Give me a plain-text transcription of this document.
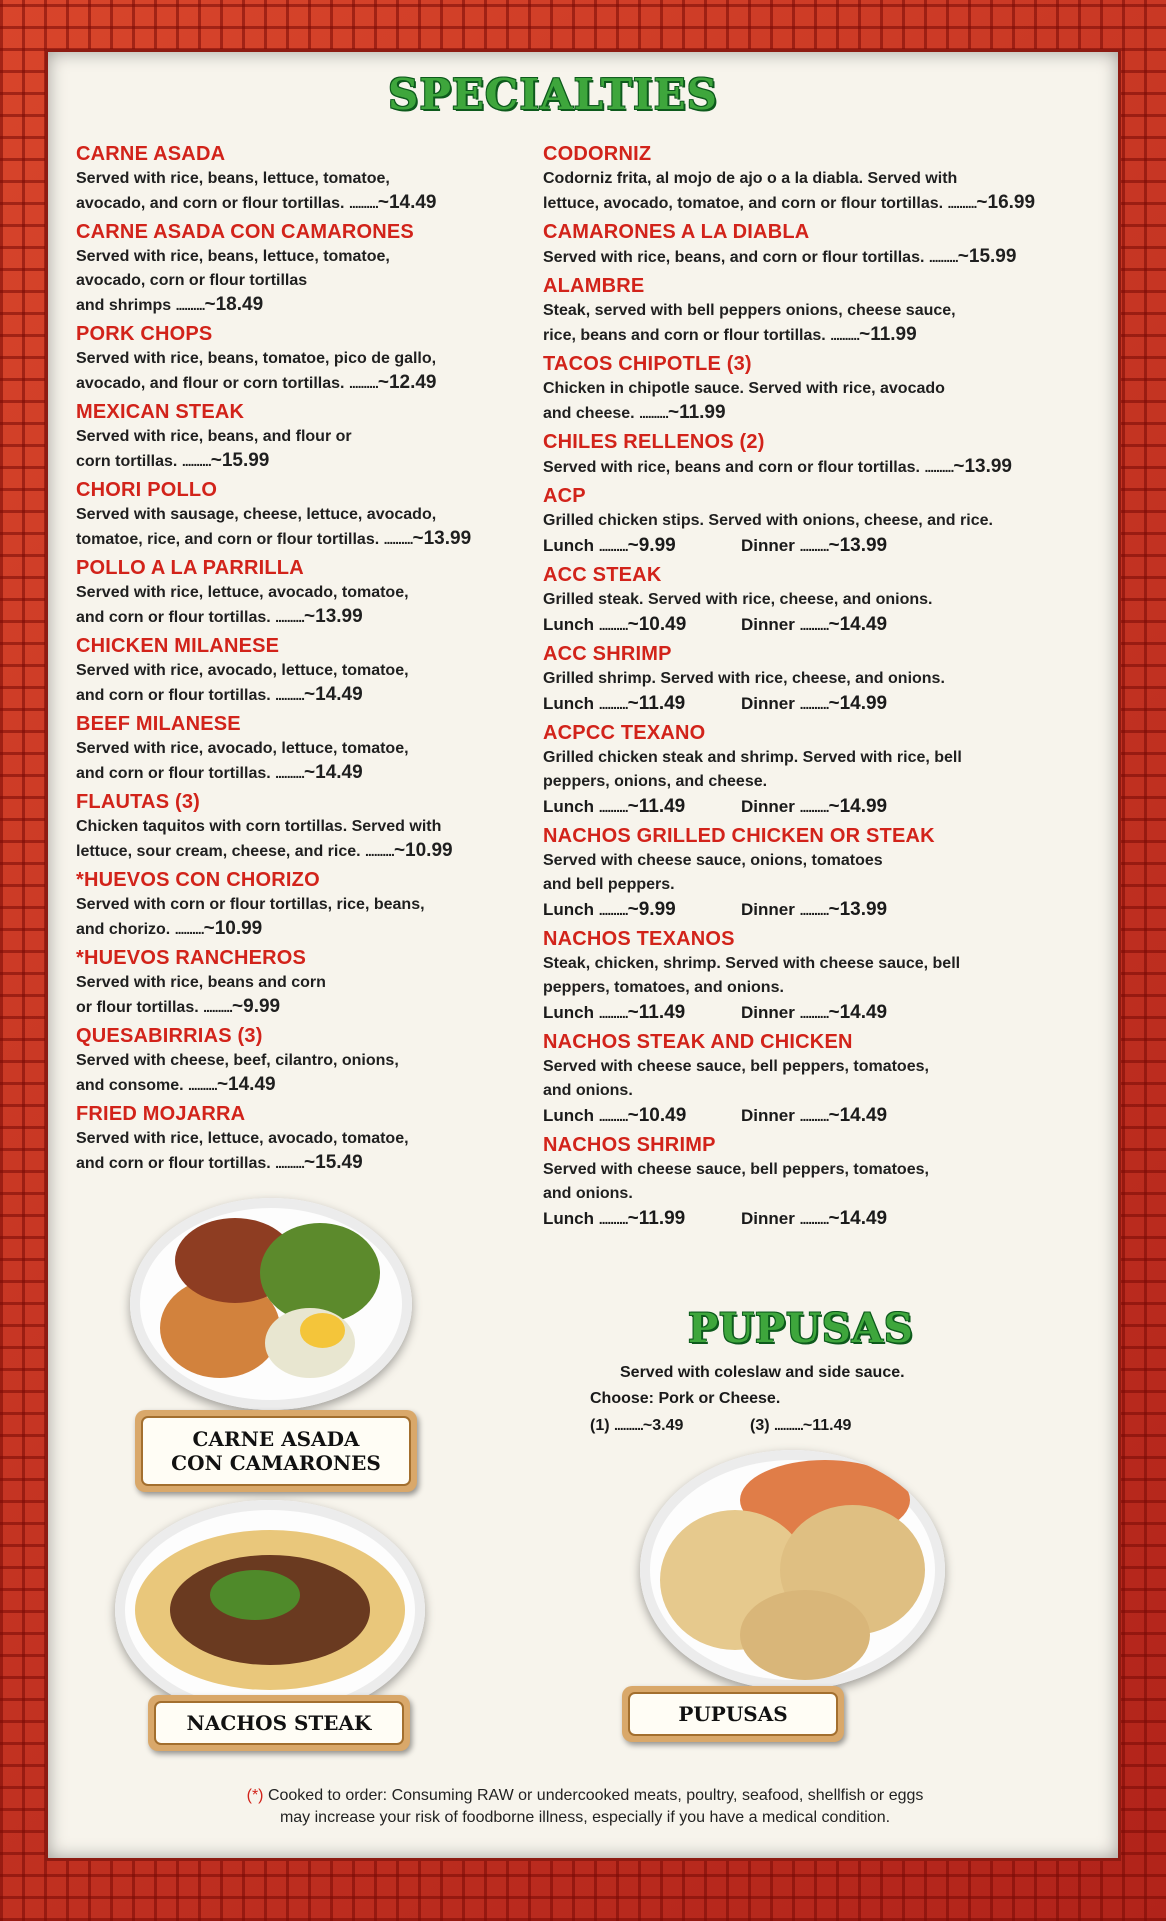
SPECIALTIES
CARNE ASADA
Served with rice, beans, lettuce, tomatoe,
avocado, and corn or flour tortillas. ..........~14.49
CARNE ASADA CON CAMARONES
Served with rice, beans, lettuce, tomatoe,
avocado, corn or flour tortillas
and shrimps ..........~18.49
PORK CHOPS
Served with rice, beans, tomatoe, pico de gallo,
avocado, and flour or corn tortillas. ..........~12.49
MEXICAN STEAK
Served with rice, beans, and flour or
corn tortillas. ..........~15.99
CHORI POLLO
Served with sausage, cheese, lettuce, avocado,
tomatoe, rice, and corn or flour tortillas. ..........~13.99
POLLO A LA PARRILLA
Served with rice, lettuce, avocado, tomatoe,
and corn or flour tortillas. ..........~13.99
CHICKEN MILANESE
Served with rice, avocado, lettuce, tomatoe,
and corn or flour tortillas. ..........~14.49
BEEF MILANESE
Served with rice, avocado, lettuce, tomatoe,
and corn or flour tortillas. ..........~14.49
FLAUTAS (3)
Chicken taquitos with corn tortillas. Served with
lettuce, sour cream, cheese, and rice. ..........~10.99
*HUEVOS CON CHORIZO
Served with corn or flour tortillas, rice, beans,
and chorizo. ..........~10.99
*HUEVOS RANCHEROS
Served with rice, beans and corn
or flour tortillas. ..........~9.99
QUESABIRRIAS (3)
Served with cheese, beef, cilantro, onions,
and consome. ..........~14.49
FRIED MOJARRA
Served with rice, lettuce, avocado, tomatoe,
and corn or flour tortillas. ..........~15.49
CODORNIZ
Codorniz frita, al mojo de ajo o a la diabla. Served with
lettuce, avocado, tomatoe, and corn or flour tortillas. ..........~16.99
CAMARONES A LA DIABLA
Served with rice, beans, and corn or flour tortillas. ..........~15.99
ALAMBRE
Steak, served with bell peppers onions, cheese sauce,
rice, beans and corn or flour tortillas. ..........~11.99
TACOS CHIPOTLE (3)
Chicken in chipotle sauce. Served with rice, avocado
and cheese. ..........~11.99
CHILES RELLENOS (2)
Served with rice, beans and corn or flour tortillas. ..........~13.99
ACP
Grilled chicken stips. Served with onions, cheese, and rice.
Lunch ..........~9.99	Dinner ..........~13.99
ACC STEAK
Grilled steak. Served with rice, cheese, and onions.
Lunch ..........~10.49	Dinner ..........~14.49
ACC SHRIMP
Grilled shrimp. Served with rice, cheese, and onions.
Lunch ..........~11.49	Dinner ..........~14.99
ACPCC TEXANO
Grilled chicken steak and shrimp. Served with rice, bell
peppers, onions, and cheese.
Lunch ..........~11.49	Dinner ..........~14.99
NACHOS GRILLED CHICKEN OR STEAK
Served with cheese sauce, onions, tomatoes
and bell peppers.
Lunch ..........~9.99	Dinner ..........~13.99
NACHOS TEXANOS
Steak, chicken, shrimp. Served with cheese sauce, bell
peppers, tomatoes, and onions.
Lunch ..........~11.49	Dinner ..........~14.49
NACHOS STEAK AND CHICKEN
Served with cheese sauce, bell peppers, tomatoes,
and onions.
Lunch ..........~10.49	Dinner ..........~14.49
NACHOS SHRIMP
Served with cheese sauce, bell peppers, tomatoes,
and onions.
Lunch ..........~11.99	Dinner ..........~14.49
CARNE ASADA
CON CAMARONES
NACHOS STEAK
PUPUSAS
Served with coleslaw and side sauce.
Choose: Pork or Cheese.
(1) ..........~3.49	(3) ..........~11.49
PUPUSAS
(*) Cooked to order: Consuming RAW or undercooked meats, poultry, seafood, shellfish or eggs
may increase your risk of foodborne illness, especially if you have a medical condition.
